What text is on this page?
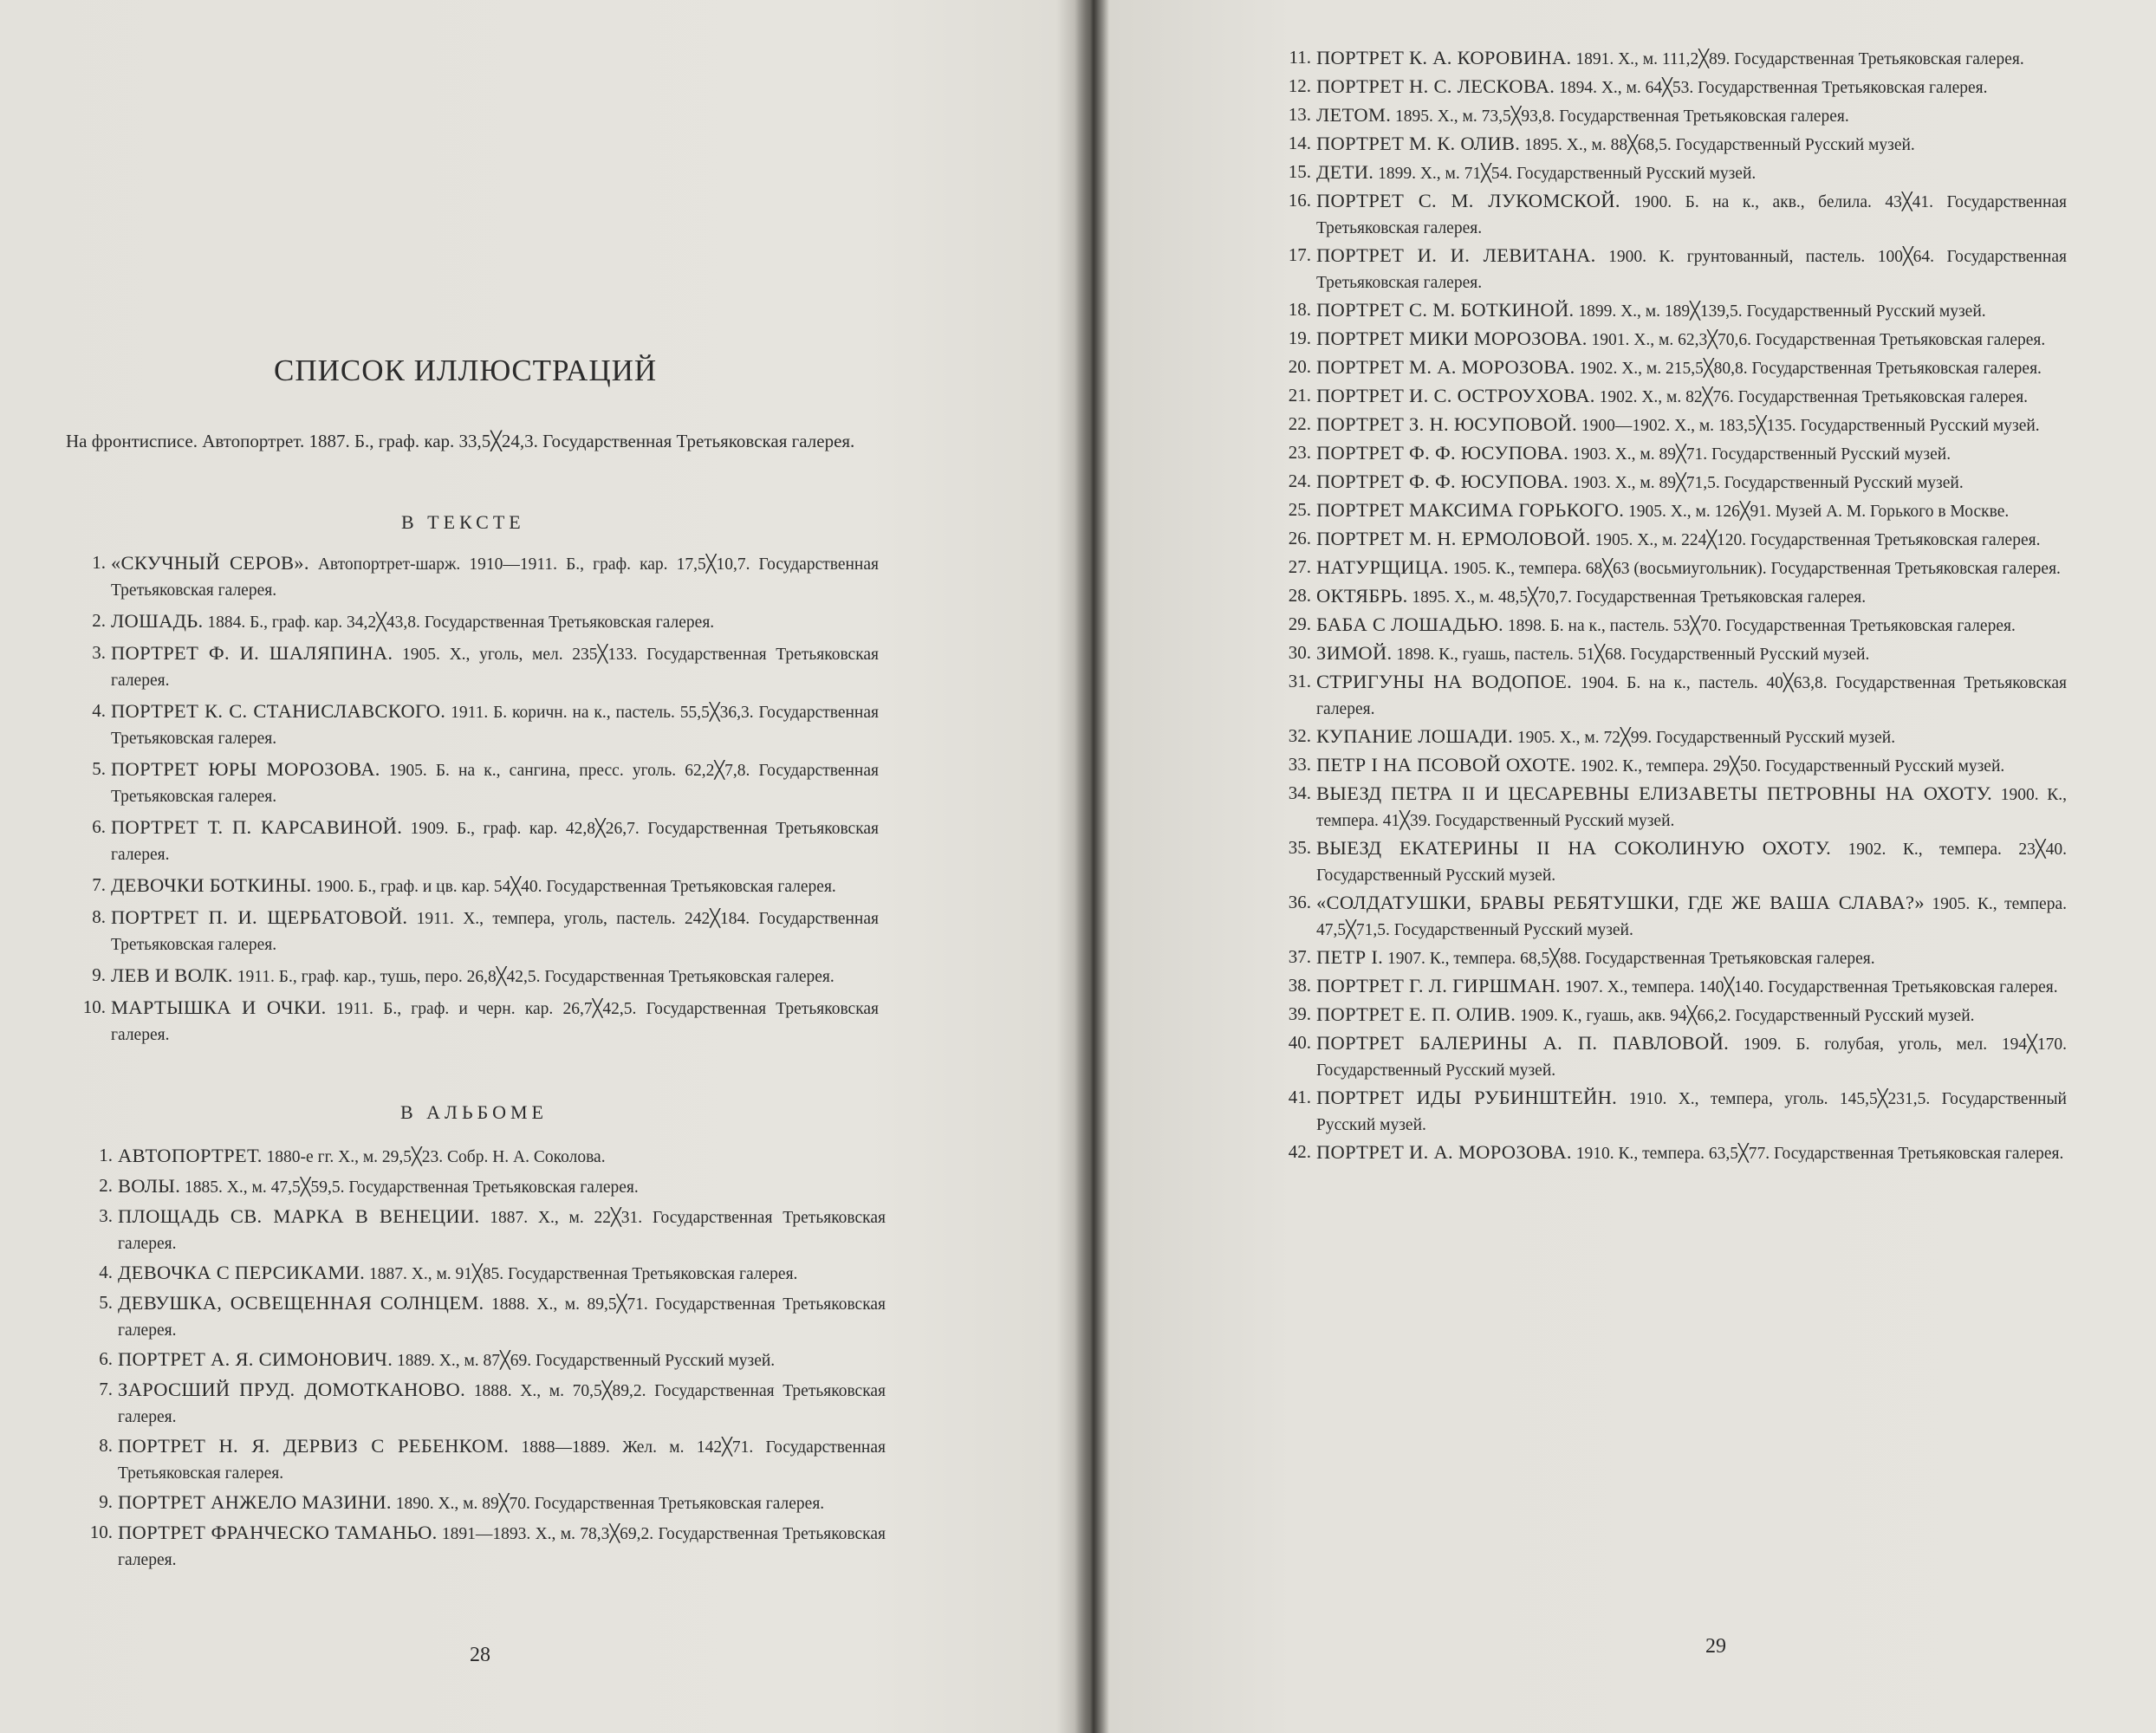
СПИСОК ИЛЛЮСТРАЦИЙ
На фронтисписе. Автопортрет. 1887. Б., граф. кар. 33,5╳24,3. Государственная Третьяковская галерея.
В ТЕКСТЕ
1. «СКУЧНЫЙ СЕРОВ». Автопортрет-шарж. 1910—1911. Б., граф. кар. 17,5╳10,7. Государственная Третьяковская галерея.
2. ЛОШАДЬ. 1884. Б., граф. кар. 34,2╳43,8. Государственная Третьяковская галерея.
3. ПОРТРЕТ Ф. И. ШАЛЯПИНА. 1905. Х., уголь, мел. 235╳133. Государственная Третьяковская галерея.
4. ПОРТРЕТ К. С. СТАНИСЛАВСКОГО. 1911. Б. коричн. на к., пастель. 55,5╳36,3. Государственная Третьяковская галерея.
5. ПОРТРЕТ ЮРЫ МОРОЗОВА. 1905. Б. на к., сангина, пресс. уголь. 62,2╳7,8. Государственная Третьяковская галерея.
6. ПОРТРЕТ Т. П. КАРСАВИНОЙ. 1909. Б., граф. кар. 42,8╳26,7. Государственная Третьяковская галерея.
7. ДЕВОЧКИ БОТКИНЫ. 1900. Б., граф. и цв. кар. 54╳40. Государственная Третьяковская галерея.
8. ПОРТРЕТ П. И. ЩЕРБАТОВОЙ. 1911. Х., темпера, уголь, пастель. 242╳184. Государственная Третьяковская галерея.
9. ЛЕВ И ВОЛК. 1911. Б., граф. кар., тушь, перо. 26,8╳42,5. Государственная Третьяковская галерея.
10. МАРТЫШКА И ОЧКИ. 1911. Б., граф. и черн. кар. 26,7╳42,5. Государственная Третьяковская галерея.
В АЛЬБОМЕ
1. АВТОПОРТРЕТ. 1880-е гг. Х., м. 29,5╳23. Собр. Н. А. Соколова.
2. ВОЛЫ. 1885. Х., м. 47,5╳59,5. Государственная Третьяковская галерея.
3. ПЛОЩАДЬ СВ. МАРКА В ВЕНЕЦИИ. 1887. Х., м. 22╳31. Государственная Третьяковская галерея.
4. ДЕВОЧКА С ПЕРСИКАМИ. 1887. Х., м. 91╳85. Государственная Третьяковская галерея.
5. ДЕВУШКА, ОСВЕЩЕННАЯ СОЛНЦЕМ. 1888. Х., м. 89,5╳71. Государственная Третьяковская галерея.
6. ПОРТРЕТ А. Я. СИМОНОВИЧ. 1889. Х., м. 87╳69. Государственный Русский музей.
7. ЗАРОСШИЙ ПРУД. ДОМОТКАНОВО. 1888. Х., м. 70,5╳89,2. Государственная Третьяковская галерея.
8. ПОРТРЕТ Н. Я. ДЕРВИЗ С РЕБЕНКОМ. 1888—1889. Жел. м. 142╳71. Государственная Третьяковская галерея.
9. ПОРТРЕТ АНЖЕЛО МАЗИНИ. 1890. Х., м. 89╳70. Государственная Третьяковская галерея.
10. ПОРТРЕТ ФРАНЧЕСКО ТАМАНЬО. 1891—1893. Х., м. 78,3╳69,2. Государственная Третьяковская галерея.
28
11. ПОРТРЕТ К. А. КОРОВИНА. 1891. Х., м. 111,2╳89. Государственная Третьяковская галерея.
12. ПОРТРЕТ Н. С. ЛЕСКОВА. 1894. Х., м. 64╳53. Государственная Третьяковская галерея.
13. ЛЕТОМ. 1895. Х., м. 73,5╳93,8. Государственная Третьяковская галерея.
14. ПОРТРЕТ М. К. ОЛИВ. 1895. Х., м. 88╳68,5. Государственный Русский музей.
15. ДЕТИ. 1899. Х., м. 71╳54. Государственный Русский музей.
16. ПОРТРЕТ С. М. ЛУКОМСКОЙ. 1900. Б. на к., акв., белила. 43╳41. Государственная Третьяковская галерея.
17. ПОРТРЕТ И. И. ЛЕВИТАНА. 1900. К. грунтованный, пастель. 100╳64. Государственная Третьяковская галерея.
18. ПОРТРЕТ С. М. БОТКИНОЙ. 1899. Х., м. 189╳139,5. Государственный Русский музей.
19. ПОРТРЕТ МИКИ МОРОЗОВА. 1901. Х., м. 62,3╳70,6. Государственная Третьяковская галерея.
20. ПОРТРЕТ М. А. МОРОЗОВА. 1902. Х., м. 215,5╳80,8. Государственная Третьяковская галерея.
21. ПОРТРЕТ И. С. ОСТРОУХОВА. 1902. Х., м. 82╳76. Государственная Третьяковская галерея.
22. ПОРТРЕТ З. Н. ЮСУПОВОЙ. 1900—1902. Х., м. 183,5╳135. Государственный Русский музей.
23. ПОРТРЕТ Ф. Ф. ЮСУПОВА. 1903. Х., м. 89╳71. Государственный Русский музей.
24. ПОРТРЕТ Ф. Ф. ЮСУПОВА. 1903. Х., м. 89╳71,5. Государственный Русский музей.
25. ПОРТРЕТ МАКСИМА ГОРЬКОГО. 1905. Х., м. 126╳91. Музей А. М. Горького в Москве.
26. ПОРТРЕТ М. Н. ЕРМОЛОВОЙ. 1905. Х., м. 224╳120. Государственная Третьяковская галерея.
27. НАТУРЩИЦА. 1905. К., темпера. 68╳63 (восьмиугольник). Государственная Третьяковская галерея.
28. ОКТЯБРЬ. 1895. Х., м. 48,5╳70,7. Государственная Третьяковская галерея.
29. БАБА С ЛОШАДЬЮ. 1898. Б. на к., пастель. 53╳70. Государственная Третьяковская галерея.
30. ЗИМОЙ. 1898. К., гуашь, пастель. 51╳68. Государственный Русский музей.
31. СТРИГУНЫ НА ВОДОПОЕ. 1904. Б. на к., пастель. 40╳63,8. Государственная Третьяковская галерея.
32. КУПАНИЕ ЛОШАДИ. 1905. Х., м. 72╳99. Государственный Русский музей.
33. ПЕТР I НА ПСОВОЙ ОХОТЕ. 1902. К., темпера. 29╳50. Государственный Русский музей.
34. ВЫЕЗД ПЕТРА II И ЦЕСАРЕВНЫ ЕЛИЗАВЕТЫ ПЕТРОВНЫ НА ОХОТУ. 1900. К., темпера. 41╳39. Государственный Русский музей.
35. ВЫЕЗД ЕКАТЕРИНЫ II НА СОКОЛИНУЮ ОХОТУ. 1902. К., темпера. 23╳40. Государственный Русский музей.
36. «СОЛДАТУШКИ, БРАВЫ РЕБЯТУШКИ, ГДЕ ЖЕ ВАША СЛАВА?» 1905. К., темпера. 47,5╳71,5. Государственный Русский музей.
37. ПЕТР I. 1907. К., темпера. 68,5╳88. Государственная Третьяковская галерея.
38. ПОРТРЕТ Г. Л. ГИРШМАН. 1907. Х., темпера. 140╳140. Государственная Третьяковская галерея.
39. ПОРТРЕТ Е. П. ОЛИВ. 1909. К., гуашь, акв. 94╳66,2. Государственный Русский музей.
40. ПОРТРЕТ БАЛЕРИНЫ А. П. ПАВЛОВОЙ. 1909. Б. голубая, уголь, мел. 194╳170. Государственный Русский музей.
41. ПОРТРЕТ ИДЫ РУБИНШТЕЙН. 1910. Х., темпера, уголь. 145,5╳231,5. Государственный Русский музей.
42. ПОРТРЕТ И. А. МОРОЗОВА. 1910. К., темпера. 63,5╳77. Государственная Третьяковская галерея.
29
